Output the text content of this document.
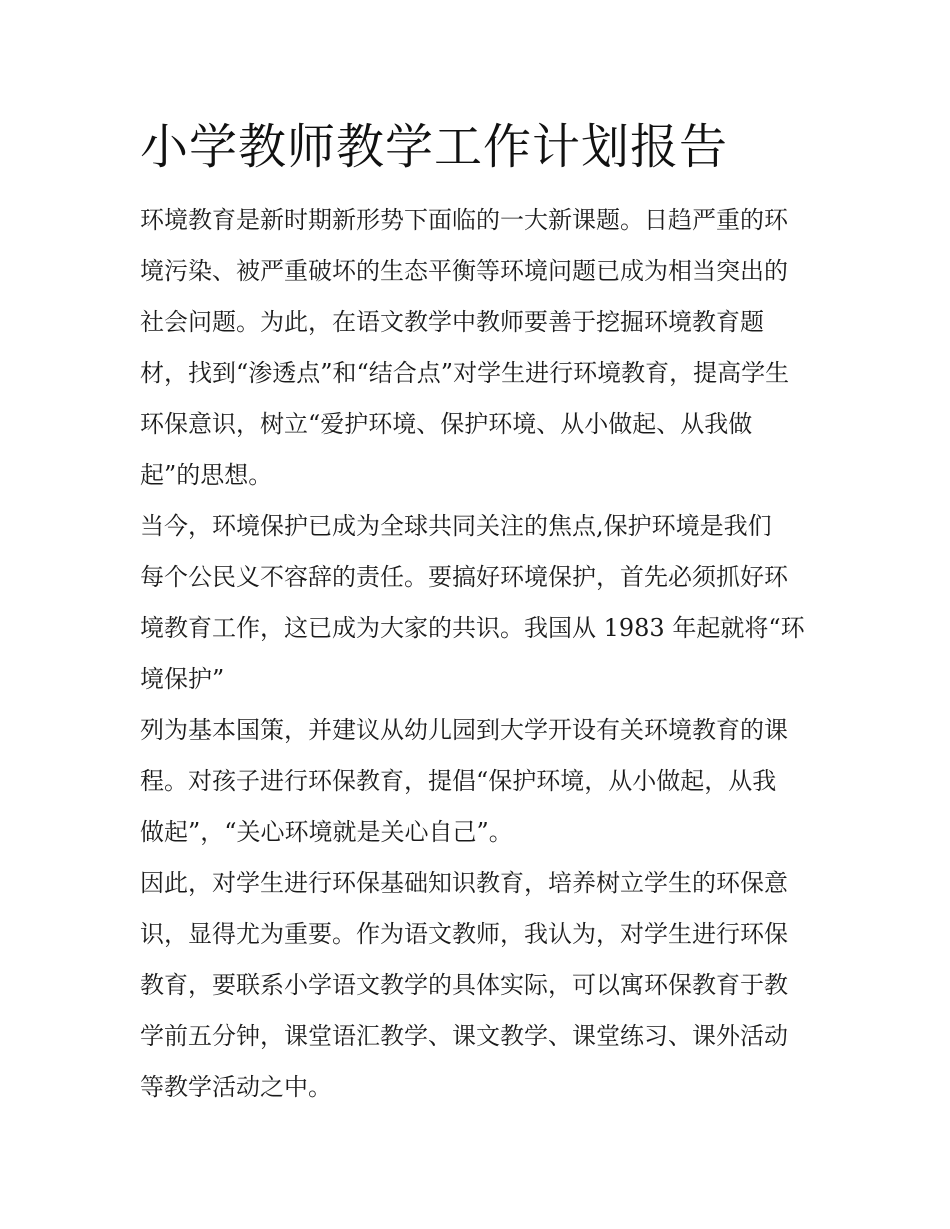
小学教师教学工作计划报告

环境教育是新时期新形势下面临的一大新课题。日趋严重的环

境污染、被严重破坏的生态平衡等环境问题已成为相当突出的

社会问题。为此，在语文教学中教师要善于挖掘环境教育题

材，找到“渗透点”和“结合点”对学生进行环境教育，提高学生

环保意识，树立“爱护环境、保护环境、从小做起、从我做

起”的思想。

当今，环境保护已成为全球共同关注的焦点,保护环境是我们

每个公民义不容辞的责任。要搞好环境保护，首先必须抓好环

境教育工作，这已成为大家的共识。我国从 1983 年起就将“环

境保护”

列为基本国策，并建议从幼儿园到大学开设有关环境教育的课

程。对孩子进行环保教育，提倡“保护环境，从小做起，从我

做起”，“关心环境就是关心自己”。

因此，对学生进行环保基础知识教育，培养树立学生的环保意

识，显得尤为重要。作为语文教师，我认为，对学生进行环保

教育，要联系小学语文教学的具体实际，可以寓环保教育于教

学前五分钟，课堂语汇教学、课文教学、课堂练习、课外活动

等教学活动之中。
